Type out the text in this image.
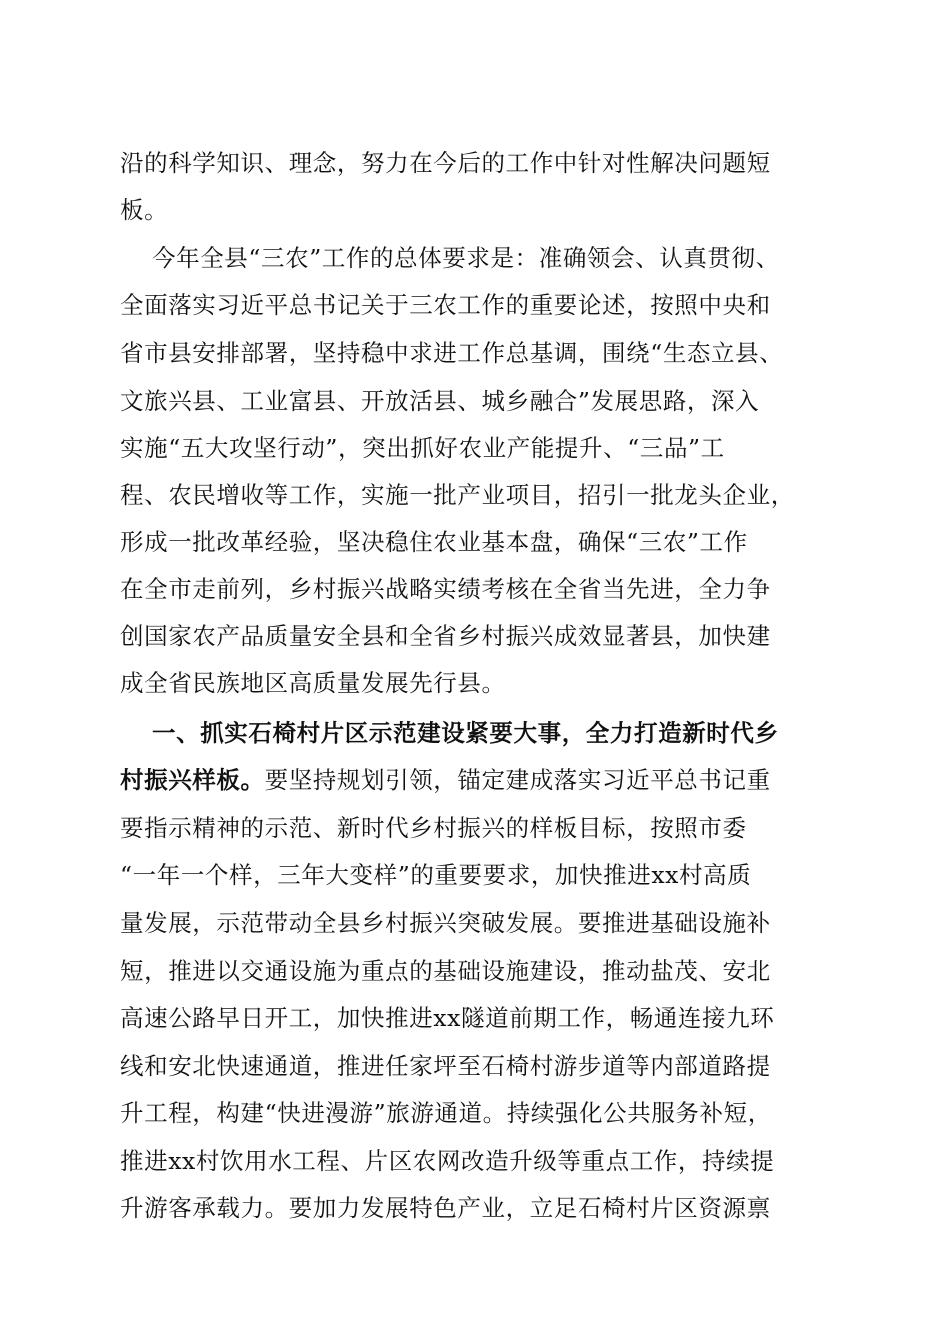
沿的科学知识、理念，努力在今后的工作中针对性解决问题短
板。
今年全县“三农”工作的总体要求是：准确领会、认真贯彻、
全面落实习近平总书记关于三农工作的重要论述，按照中央和
省市县安排部署，坚持稳中求进工作总基调，围绕“生态立县、
文旅兴县、工业富县、开放活县、城乡融合”发展思路，深入
实施“五大攻坚行动”，突出抓好农业产能提升、“三品”工
程、农民增收等工作，实施一批产业项目，招引一批龙头企业，
形成一批改革经验，坚决稳住农业基本盘，确保“三农”工作
在全市走前列，乡村振兴战略实绩考核在全省当先进，全力争
创国家农产品质量安全县和全省乡村振兴成效显著县，加快建
成全省民族地区高质量发展先行县。
一、抓实石椅村片区示范建设紧要大事，全力打造新时代乡
村振兴样板。要坚持规划引领，锚定建成落实习近平总书记重
要指示精神的示范、新时代乡村振兴的样板目标，按照市委
“一年一个样，三年大变样”的重要要求，加快推进xx村高质
量发展，示范带动全县乡村振兴突破发展。要推进基础设施补
短，推进以交通设施为重点的基础设施建设，推动盐茂、安北
高速公路早日开工，加快推进xx隧道前期工作，畅通连接九环
线和安北快速通道，推进任家坪至石椅村游步道等内部道路提
升工程，构建“快进漫游”旅游通道。持续强化公共服务补短，
推进xx村饮用水工程、片区农网改造升级等重点工作，持续提
升游客承载力。要加力发展特色产业，立足石椅村片区资源禀
